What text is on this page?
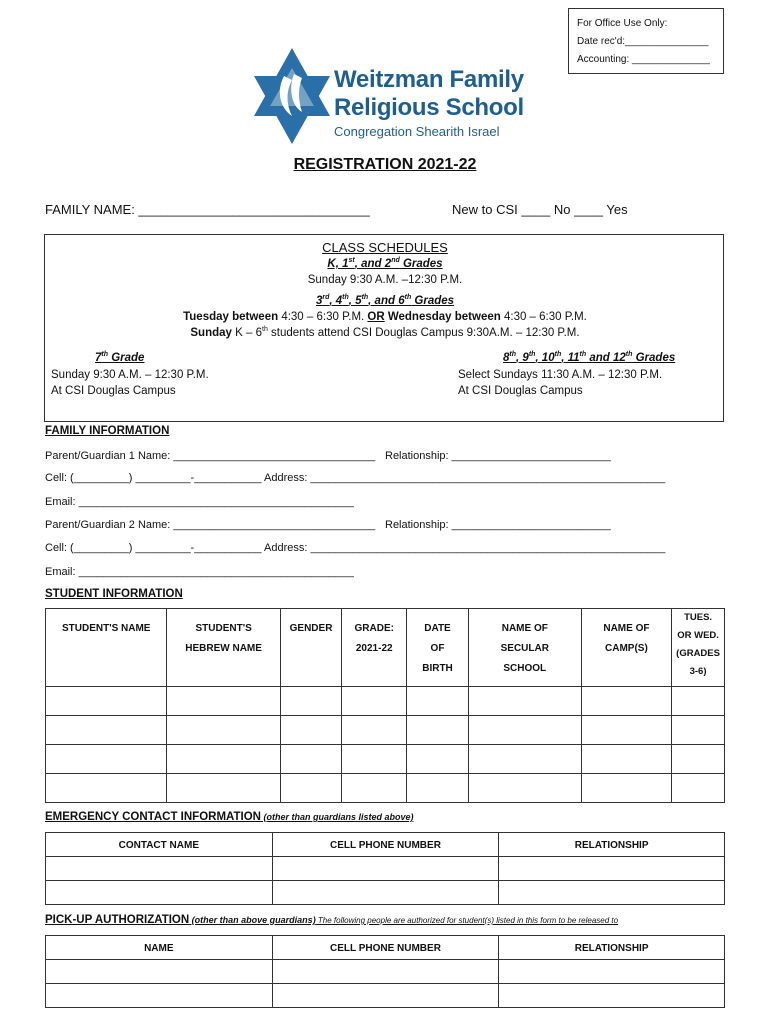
For Office Use Only:
Date rec'd:_______________
Accounting: ______________
Weitzman Family
Religious School
Congregation Shearith Israel
REGISTRATION 2021-22
FAMILY NAME: ________________________________	New to CSI ____ No ____ Yes
CLASS SCHEDULES
K, 1st, and 2nd Grades
Sunday 9:30 A.M. –12:30 P.M.
3rd, 4th, 5th, and 6th Grades
Tuesday between 4:30 – 6:30 P.M. OR Wednesday between 4:30 – 6:30 P.M.
Sunday K – 6th students attend CSI Douglas Campus 9:30A.M. – 12:30 P.M.
7th Grade
Sunday 9:30 A.M. – 12:30 P.M.
At CSI Douglas Campus
8th, 9th, 10th, 11th and 12th Grades
Select Sundays 11:30 A.M. – 12:30 P.M.
At CSI Douglas Campus
FAMILY INFORMATION
Parent/Guardian 1 Name: _________________________________ Relationship: __________________________
Cell: (_________) _________-___________ Address: __________________________________________________________
Email: _____________________________________________
Parent/Guardian 2 Name: _________________________________ Relationship: __________________________
Cell: (_________) _________-___________ Address: __________________________________________________________
Email: _____________________________________________
STUDENT INFORMATION
STUDENT'S NAME	STUDENT'S HEBREW NAME	GENDER	GRADE: 2021-22	DATE OF BIRTH	NAME OF SECULAR SCHOOL	NAME OF CAMP(S)	TUES. OR WED. (GRADES 3-6)

EMERGENCY CONTACT INFORMATION (other than guardians listed above)
CONTACT NAME	CELL PHONE NUMBER	RELATIONSHIP

PICK-UP AUTHORIZATION (other than above guardians) The following people are authorized for student(s) listed in this form to be released to
NAME	CELL PHONE NUMBER	RELATIONSHIP
